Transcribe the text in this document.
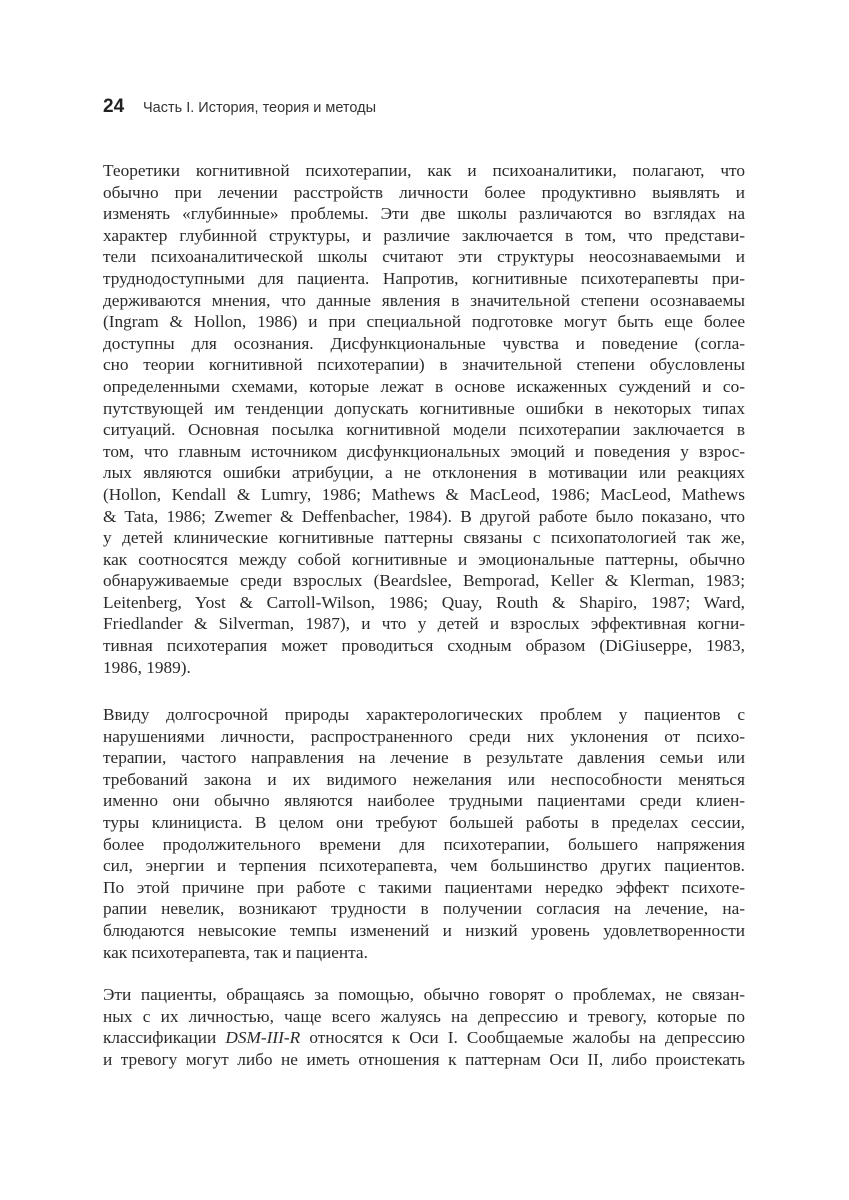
24	Часть I. История, теория и методы
Теоретики когнитивной психотерапии, как и психоаналитики, полагают, что
обычно при лечении расстройств личности более продуктивно выявлять и
изменять «глубинные» проблемы. Эти две школы различаются во взглядах на
характер глубинной структуры, и различие заключается в том, что представи-
тели психоаналитической школы считают эти структуры неосознаваемыми и
труднодоступными для пациента. Напротив, когнитивные психотерапевты при-
держиваются мнения, что данные явления в значительной степени осознаваемы
(Ingram & Hollon, 1986) и при специальной подготовке могут быть еще более
доступны для осознания. Дисфункциональные чувства и поведение (согла-
сно теории когнитивной психотерапии) в значительной степени обусловлены
определенными схемами, которые лежат в основе искаженных суждений и со-
путствующей им тенденции допускать когнитивные ошибки в некоторых типах
ситуаций. Основная посылка когнитивной модели психотерапии заключается в
том, что главным источником дисфункциональных эмоций и поведения у взрос-
лых являются ошибки атрибуции, а не отклонения в мотивации или реакциях
(Hollon, Kendall & Lumry, 1986; Mathews & MacLeod, 1986; MacLeod, Mathews
& Tata, 1986; Zwemer & Deffenbacher, 1984). В другой работе было показано, что
у детей клинические когнитивные паттерны связаны с психопатологией так же,
как соотносятся между собой когнитивные и эмоциональные паттерны, обычно
обнаруживаемые среди взрослых (Beardslee, Bemporad, Keller & Klerman, 1983;
Leitenberg, Yost & Carroll-Wilson, 1986; Quay, Routh & Shapiro, 1987; Ward,
Friedlander & Silverman, 1987), и что у детей и взрослых эффективная когни-
тивная психотерапия может проводиться сходным образом (DiGiuseppe, 1983,
1986, 1989).
Ввиду долгосрочной природы характерологических проблем у пациентов с
нарушениями личности, распространенного среди них уклонения от психо-
терапии, частого направления на лечение в результате давления семьи или
требований закона и их видимого нежелания или неспособности меняться
именно они обычно являются наиболее трудными пациентами среди клиен-
туры клинициста. В целом они требуют большей работы в пределах сессии,
более продолжительного времени для психотерапии, большего напряжения
сил, энергии и терпения психотерапевта, чем большинство других пациентов.
По этой причине при работе с такими пациентами нередко эффект психоте-
рапии невелик, возникают трудности в получении согласия на лечение, на-
блюдаются невысокие темпы изменений и низкий уровень удовлетворенности
как психотерапевта, так и пациента.
Эти пациенты, обращаясь за помощью, обычно говорят о проблемах, не связан-
ных с их личностью, чаще всего жалуясь на депрессию и тревогу, которые по
классификации DSM-III-R относятся к Оси I. Сообщаемые жалобы на депрессию
и тревогу могут либо не иметь отношения к паттернам Оси II, либо проистекать
